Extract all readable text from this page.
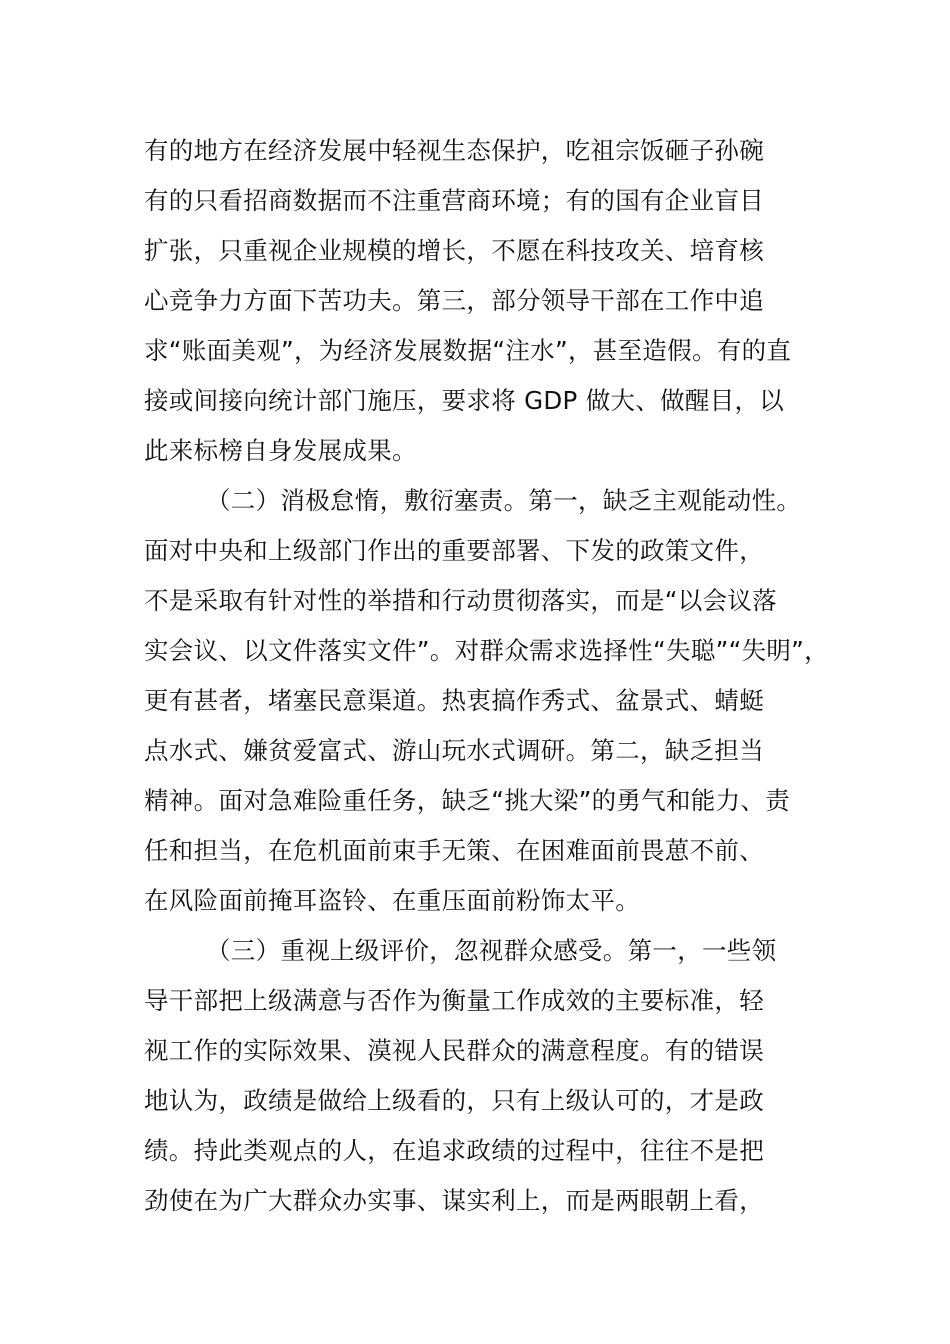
有的地方在经济发展中轻视生态保护，吃祖宗饭砸子孙碗
有的只看招商数据而不注重营商环境；有的国有企业盲目
扩张，只重视企业规模的增长，不愿在科技攻关、培育核
心竞争力方面下苦功夫。第三，部分领导干部在工作中追
求“账面美观”，为经济发展数据“注水”，甚至造假。有的直
接或间接向统计部门施压，要求将 GDP 做大、做醒目，以
此来标榜自身发展成果。
（二）消极怠惰，敷衍塞责。第一，缺乏主观能动性。
面对中央和上级部门作出的重要部署、下发的政策文件，
不是采取有针对性的举措和行动贯彻落实，而是“以会议落
实会议、以文件落实文件”。对群众需求选择性“失聪”“失明”，
更有甚者，堵塞民意渠道。热衷搞作秀式、盆景式、蜻蜓
点水式、嫌贫爱富式、游山玩水式调研。第二，缺乏担当
精神。面对急难险重任务，缺乏“挑大梁”的勇气和能力、责
任和担当，在危机面前束手无策、在困难面前畏葸不前、
在风险面前掩耳盗铃、在重压面前粉饰太平。
（三）重视上级评价，忽视群众感受。第一，一些领
导干部把上级满意与否作为衡量工作成效的主要标准，轻
视工作的实际效果、漠视人民群众的满意程度。有的错误
地认为，政绩是做给上级看的，只有上级认可的，才是政
绩。持此类观点的人，在追求政绩的过程中，往往不是把
劲使在为广大群众办实事、谋实利上，而是两眼朝上看，
